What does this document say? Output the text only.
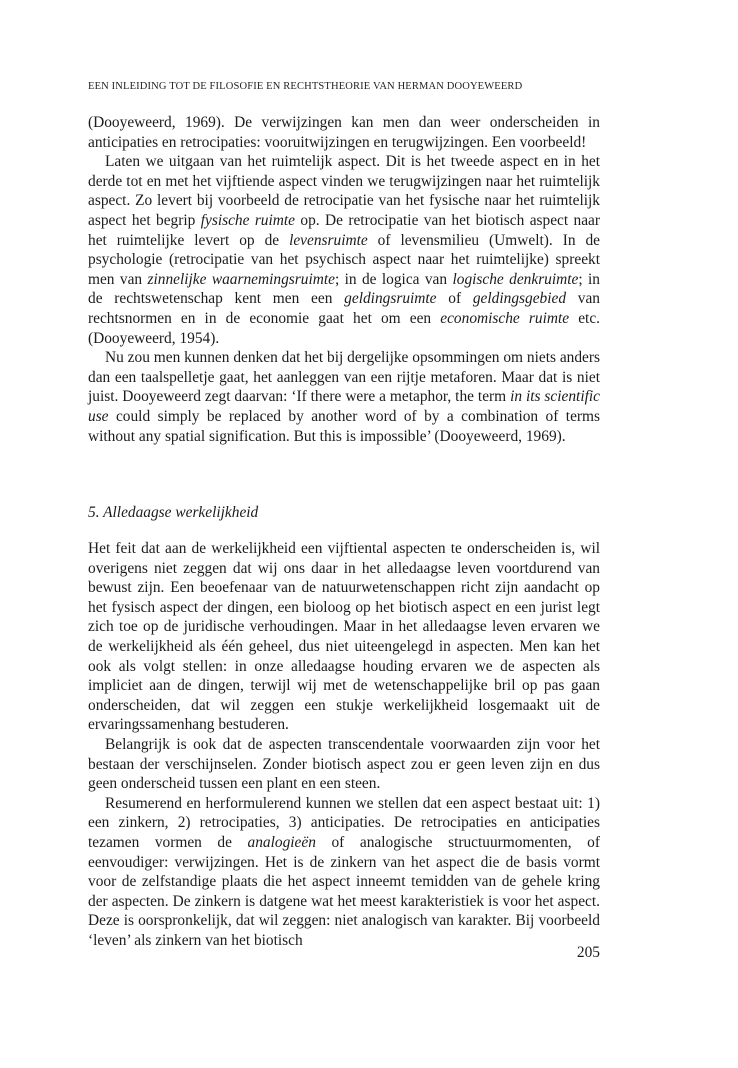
EEN INLEIDING TOT DE FILOSOFIE EN RECHTSTHEORIE VAN HERMAN DOOYEWEERD

(Dooyeweerd, 1969). De verwijzingen kan men dan weer onderscheiden in anticipaties en retrocipaties: vooruitwijzingen en terugwijzingen. Een voorbeeld!

Laten we uitgaan van het ruimtelijk aspect. Dit is het tweede aspect en in het derde tot en met het vijftiende aspect vinden we terugwijzingen naar het ruimtelijk aspect. Zo levert bij voorbeeld de retrocipatie van het fysische naar het ruimtelijk aspect het begrip fysische ruimte op. De retrocipatie van het biotisch aspect naar het ruimtelijke levert op de levensruimte of levensmilieu (Umwelt). In de psychologie (retrocipatie van het psychisch aspect naar het ruimtelijke) spreekt men van zinnelijke waarnemingsruimte; in de logica van logische denkruimte; in de rechtswetenschap kent men een geldingsruimte of geldingsgebied van rechtsnormen en in de economie gaat het om een economische ruimte etc. (Dooyeweerd, 1954).

Nu zou men kunnen denken dat het bij dergelijke opsommingen om niets anders dan een taalspelletje gaat, het aanleggen van een rijtje metaforen. Maar dat is niet juist. Dooyeweerd zegt daarvan: ‘If there were a metaphor, the term in its scientific use could simply be replaced by another word of by a combination of terms without any spatial signification. But this is impossible’ (Dooyeweerd, 1969).

5. Alledaagse werkelijkheid

Het feit dat aan de werkelijkheid een vijftiental aspecten te onderscheiden is, wil overigens niet zeggen dat wij ons daar in het alledaagse leven voortdurend van bewust zijn. Een beoefenaar van de natuurwetenschappen richt zijn aandacht op het fysisch aspect der dingen, een bioloog op het biotisch aspect en een jurist legt zich toe op de juridische verhoudingen. Maar in het alledaagse leven ervaren we de werkelijkheid als één geheel, dus niet uiteengelegd in aspecten. Men kan het ook als volgt stellen: in onze alledaagse houding ervaren we de aspecten als impliciet aan de dingen, terwijl wij met de wetenschappelijke bril op pas gaan onderscheiden, dat wil zeggen een stukje werkelijkheid losgemaakt uit de ervaringssamenhang bestuderen.

Belangrijk is ook dat de aspecten transcendentale voorwaarden zijn voor het bestaan der verschijnselen. Zonder biotisch aspect zou er geen leven zijn en dus geen onderscheid tussen een plant en een steen.

Resumerend en herformulerend kunnen we stellen dat een aspect bestaat uit: 1) een zinkern, 2) retrocipaties, 3) anticipaties. De retrocipaties en anticipaties tezamen vormen de analogieën of analogische structuurmomenten, of eenvoudiger: verwijzingen. Het is de zinkern van het aspect die de basis vormt voor de zelfstandige plaats die het aspect inneemt temidden van de gehele kring der aspecten. De zinkern is datgene wat het meest karakteristiek is voor het aspect. Deze is oorspronkelijk, dat wil zeggen: niet analogisch van karakter. Bij voorbeeld ‘leven’ als zinkern van het biotisch

205
